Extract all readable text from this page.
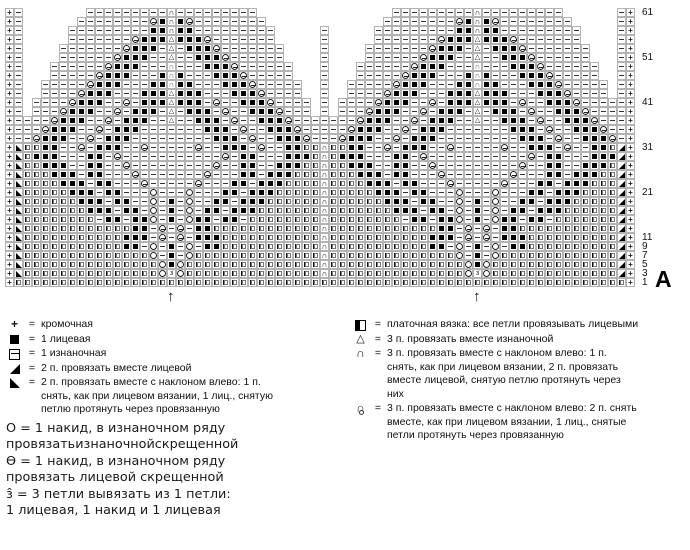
+
∩
∩
+
+
∩
∩
+
+
∩
∩
+
+
△
△
+
+
△
△
+
+
△
△
+
+
∩
∩
+
+
∩
∩
+
+
∩
∩
+
+
△
△
+
+
△
△
+
+
△
△
+
+
△
△
+
+
+
+
+
+
∩
+
+
∩
+
+
∩
+
+
∩
+
+
∩
+
+
∩
+
+
∩
+
+
∩
+
+
∩
+
+
∩
+
+
∩
+
+
∩
+
+
∩
+
+
∩
+
+
з̑
∩
з̑
+
+
+
61
51
41
31
21
11
9
7
5
3
1
↑	↑
A
+
= кромочная
= 1 лицевая
= 1 изнаночная
= 2 п. провязать вместе лицевой
= 2 п. провязать вместе с наклоном влево: 1 п. снять, как при лицевом вязании, 1 лиц., снятую петлю протянуть через провязанную
О = 1 накид, в изнаночном ряду
провязатьизнаночнойскрещенной
Ѳ = 1 накид, в изнаночном ряду
провязать лицевой скрещенной
з̑ = 3 петли вывязать из 1 петли:
1 лицевая, 1 накид и 1 лицевая
= платочная вязка: все петли провязывать лицевыми
△
= 3 п. провязать вместе изнаночной
∩
= 3 п. провязать вместе с наклоном влево: 1 п. снять, как при лицевом вязании, 2 п. провязать вместе лицевой, снятую петлю протянуть через них
∩
= 3 п. провязать вместе с наклоном влево: 2 п. снять вместе, как при лицевом вязании, 1 лиц., снятые петли протянуть через провязанную
